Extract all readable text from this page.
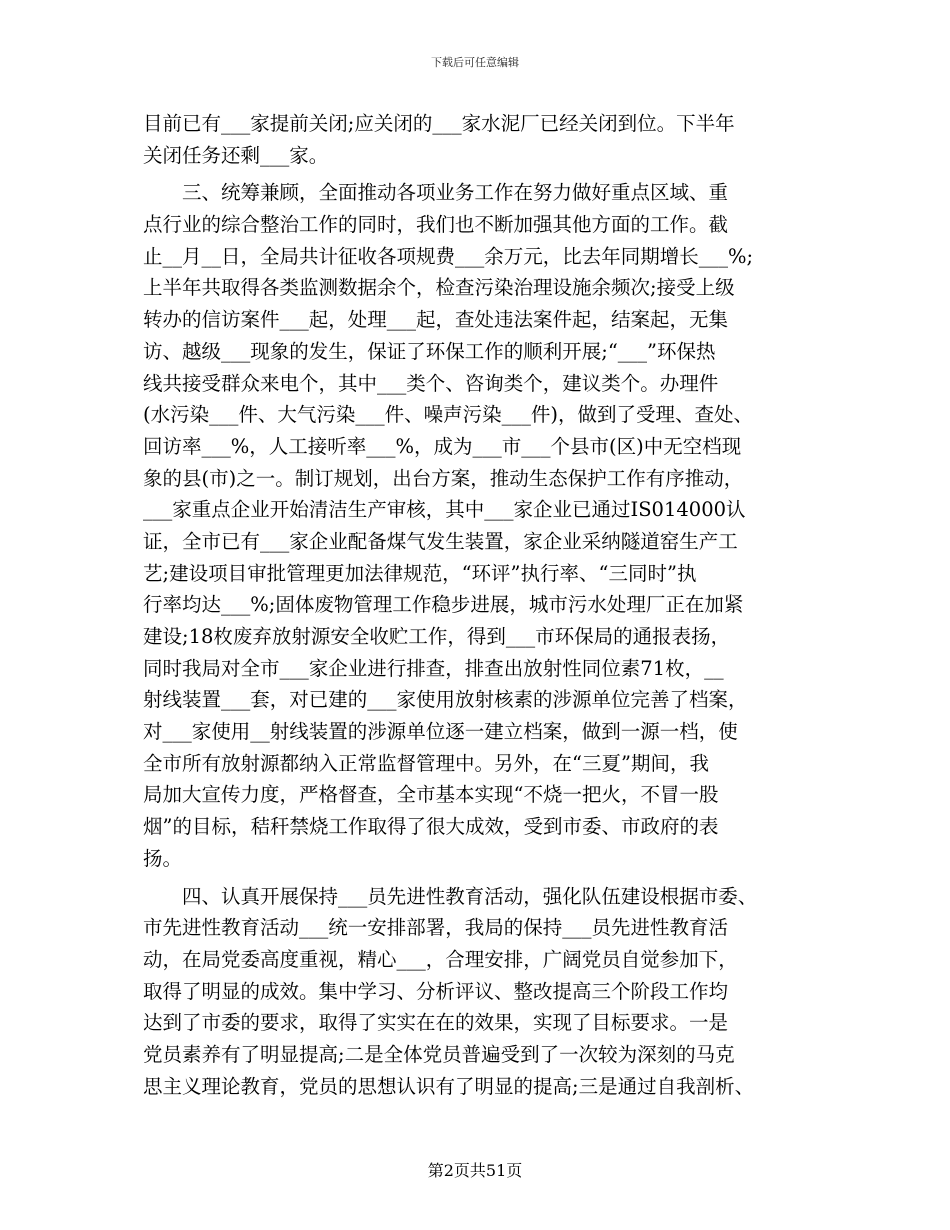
下载后可任意编辑
目前已有___家提前关闭;应关闭的___家水泥厂已经关闭到位。下半年
关闭任务还剩___家。
　　三、统筹兼顾，全面推动各项业务工作在努力做好重点区域、重
点行业的综合整治工作的同时，我们也不断加强其他方面的工作。截
止__月__日，全局共计征收各项规费___余万元，比去年同期增长___%;
上半年共取得各类监测数据余个，检查污染治理设施余频次;接受上级
转办的信访案件___起，处理___起，查处违法案件起，结案起，无集
访、越级___现象的发生，保证了环保工作的顺利开展;“___”环保热
线共接受群众来电个，其中___类个、咨询类个，建议类个。办理件
(水污染___件、大气污染___件、噪声污染___件)，做到了受理、查处、
回访率___%，人工接听率___%，成为___市___个县市(区)中无空档现
象的县(市)之一。制订规划，出台方案，推动生态保护工作有序推动，
___家重点企业开始清洁生产审核，其中___家企业已通过IS014000认
证，全市已有___家企业配备煤气发生装置，家企业采纳隧道窑生产工
艺;建设项目审批管理更加法律规范，“环评”执行率、“三同时”执
行率均达___%;固体废物管理工作稳步进展，城市污水处理厂正在加紧
建设;18枚废弃放射源安全收贮工作，得到___市环保局的通报表扬，
同时我局对全市___家企业进行排查，排查出放射性同位素71枚，__
射线装置___套，对已建的___家使用放射核素的涉源单位完善了档案，
对___家使用__射线装置的涉源单位逐一建立档案，做到一源一档，使
全市所有放射源都纳入正常监督管理中。另外，在“三夏”期间，我
局加大宣传力度，严格督查，全市基本实现“不烧一把火，不冒一股
烟”的目标，秸秆禁烧工作取得了很大成效，受到市委、市政府的表
扬。
　　四、认真开展保持___员先进性教育活动，强化队伍建设根据市委、
市先进性教育活动___统一安排部署，我局的保持___员先进性教育活
动，在局党委高度重视，精心___，合理安排，广阔党员自觉参加下，
取得了明显的成效。集中学习、分析评议、整改提高三个阶段工作均
达到了市委的要求，取得了实实在在的效果，实现了目标要求。一是
党员素养有了明显提高;二是全体党员普遍受到了一次较为深刻的马克
思主义理论教育，党员的思想认识有了明显的提高;三是通过自我剖析、
第2页共51页
